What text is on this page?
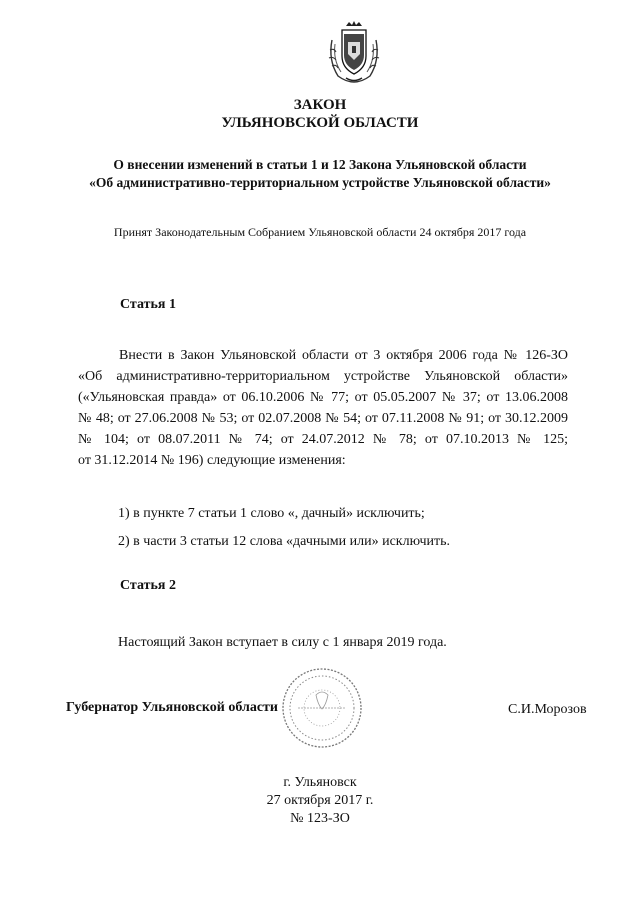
ЗАКОН
УЛЬЯНОВСКОЙ ОБЛАСТИ
О внесении изменений в статьи 1 и 12 Закона Ульяновской области
«Об административно-территориальном устройстве Ульяновской области»
Принят Законодательным Собранием Ульяновской области 24 октября 2017 года
Статья 1
Внести в Закон Ульяновской области от 3 октября 2006 года № 126-ЗО
«Об административно-территориальном устройстве Ульяновской области»
(«Ульяновская правда» от 06.10.2006 № 77; от 05.05.2007 № 37; от 13.06.2008
№ 48; от 27.06.2008 № 53; от 02.07.2008 № 54; от 07.11.2008 № 91; от 30.12.2009
№ 104; от 08.07.2011 № 74; от 24.07.2012 № 78; от 07.10.2013 № 125;
от 31.12.2014 № 196) следующие изменения:
1) в пункте 7 статьи 1 слово «, дачный» исключить;
2) в части 3 статьи 12 слова «дачными или» исключить.
Статья 2
Настоящий Закон вступает в силу с 1 января 2019 года.
Губернатор Ульяновской области	С.И.Морозов
г. Ульяновск
27 октября 2017 г.
№ 123-ЗО
